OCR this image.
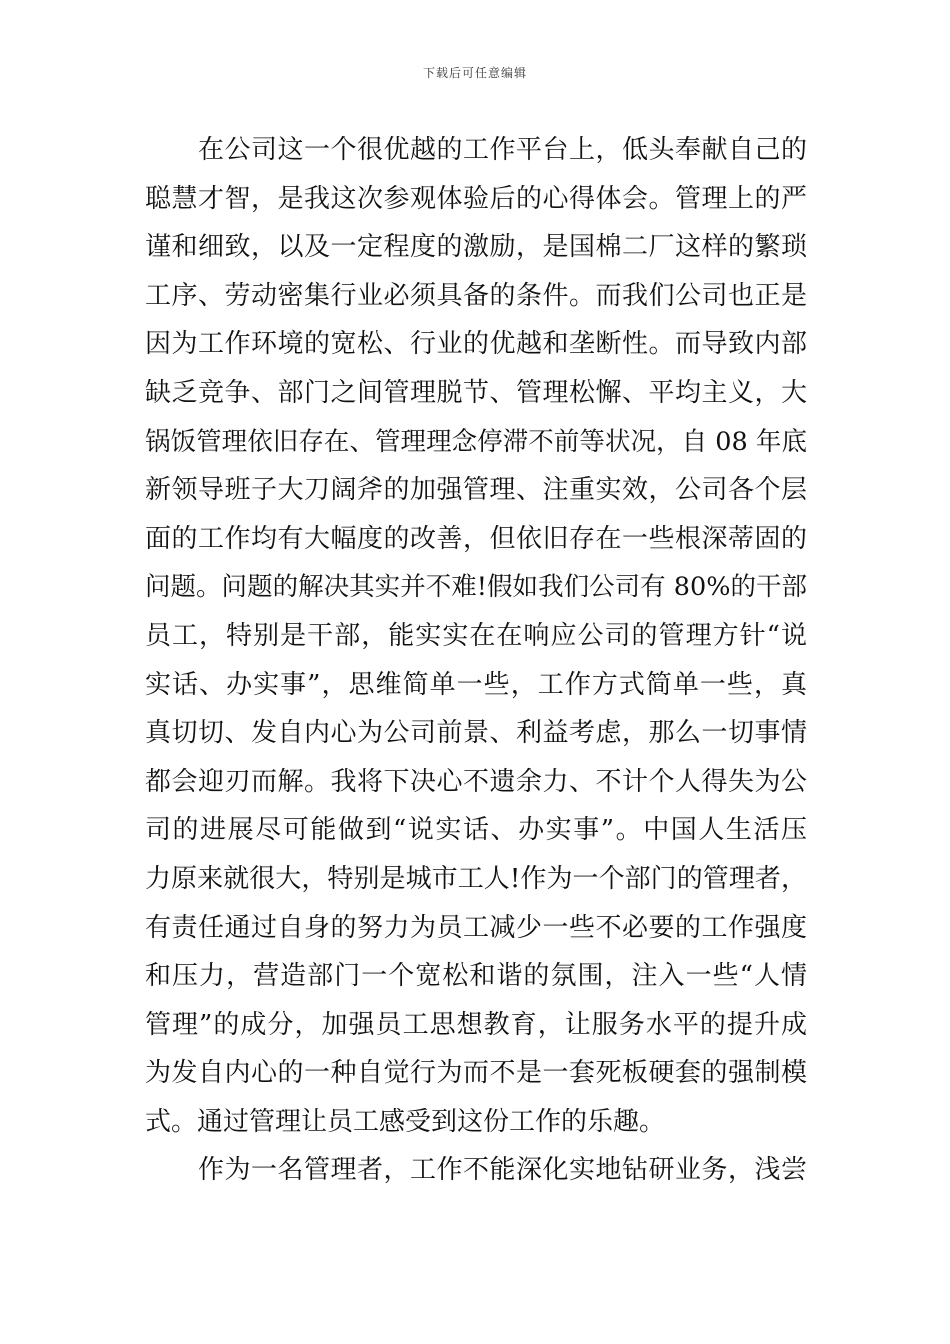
下载后可任意编辑
　　在公司这一个很优越的工作平台上，低头奉献自己的
聪慧才智，是我这次参观体验后的心得体会。管理上的严
谨和细致，以及一定程度的激励，是国棉二厂这样的繁琐
工序、劳动密集行业必须具备的条件。而我们公司也正是
因为工作环境的宽松、行业的优越和垄断性。而导致内部
缺乏竞争、部门之间管理脱节、管理松懈、平均主义，大
锅饭管理依旧存在、管理理念停滞不前等状况，自 08 年底
新领导班子大刀阔斧的加强管理、注重实效，公司各个层
面的工作均有大幅度的改善，但依旧存在一些根深蒂固的
问题。问题的解决其实并不难!假如我们公司有 80%的干部
员工，特别是干部，能实实在在响应公司的管理方针“说
实话、办实事”，思维简单一些，工作方式简单一些，真
真切切、发自内心为公司前景、利益考虑，那么一切事情
都会迎刃而解。我将下决心不遗余力、不计个人得失为公
司的进展尽可能做到“说实话、办实事”。中国人生活压
力原来就很大，特别是城市工人!作为一个部门的管理者，
有责任通过自身的努力为员工减少一些不必要的工作强度
和压力，营造部门一个宽松和谐的氛围，注入一些“人情
管理”的成分，加强员工思想教育，让服务水平的提升成
为发自内心的一种自觉行为而不是一套死板硬套的强制模
式。通过管理让员工感受到这份工作的乐趣。
　　作为一名管理者，工作不能深化实地钻研业务，浅尝
